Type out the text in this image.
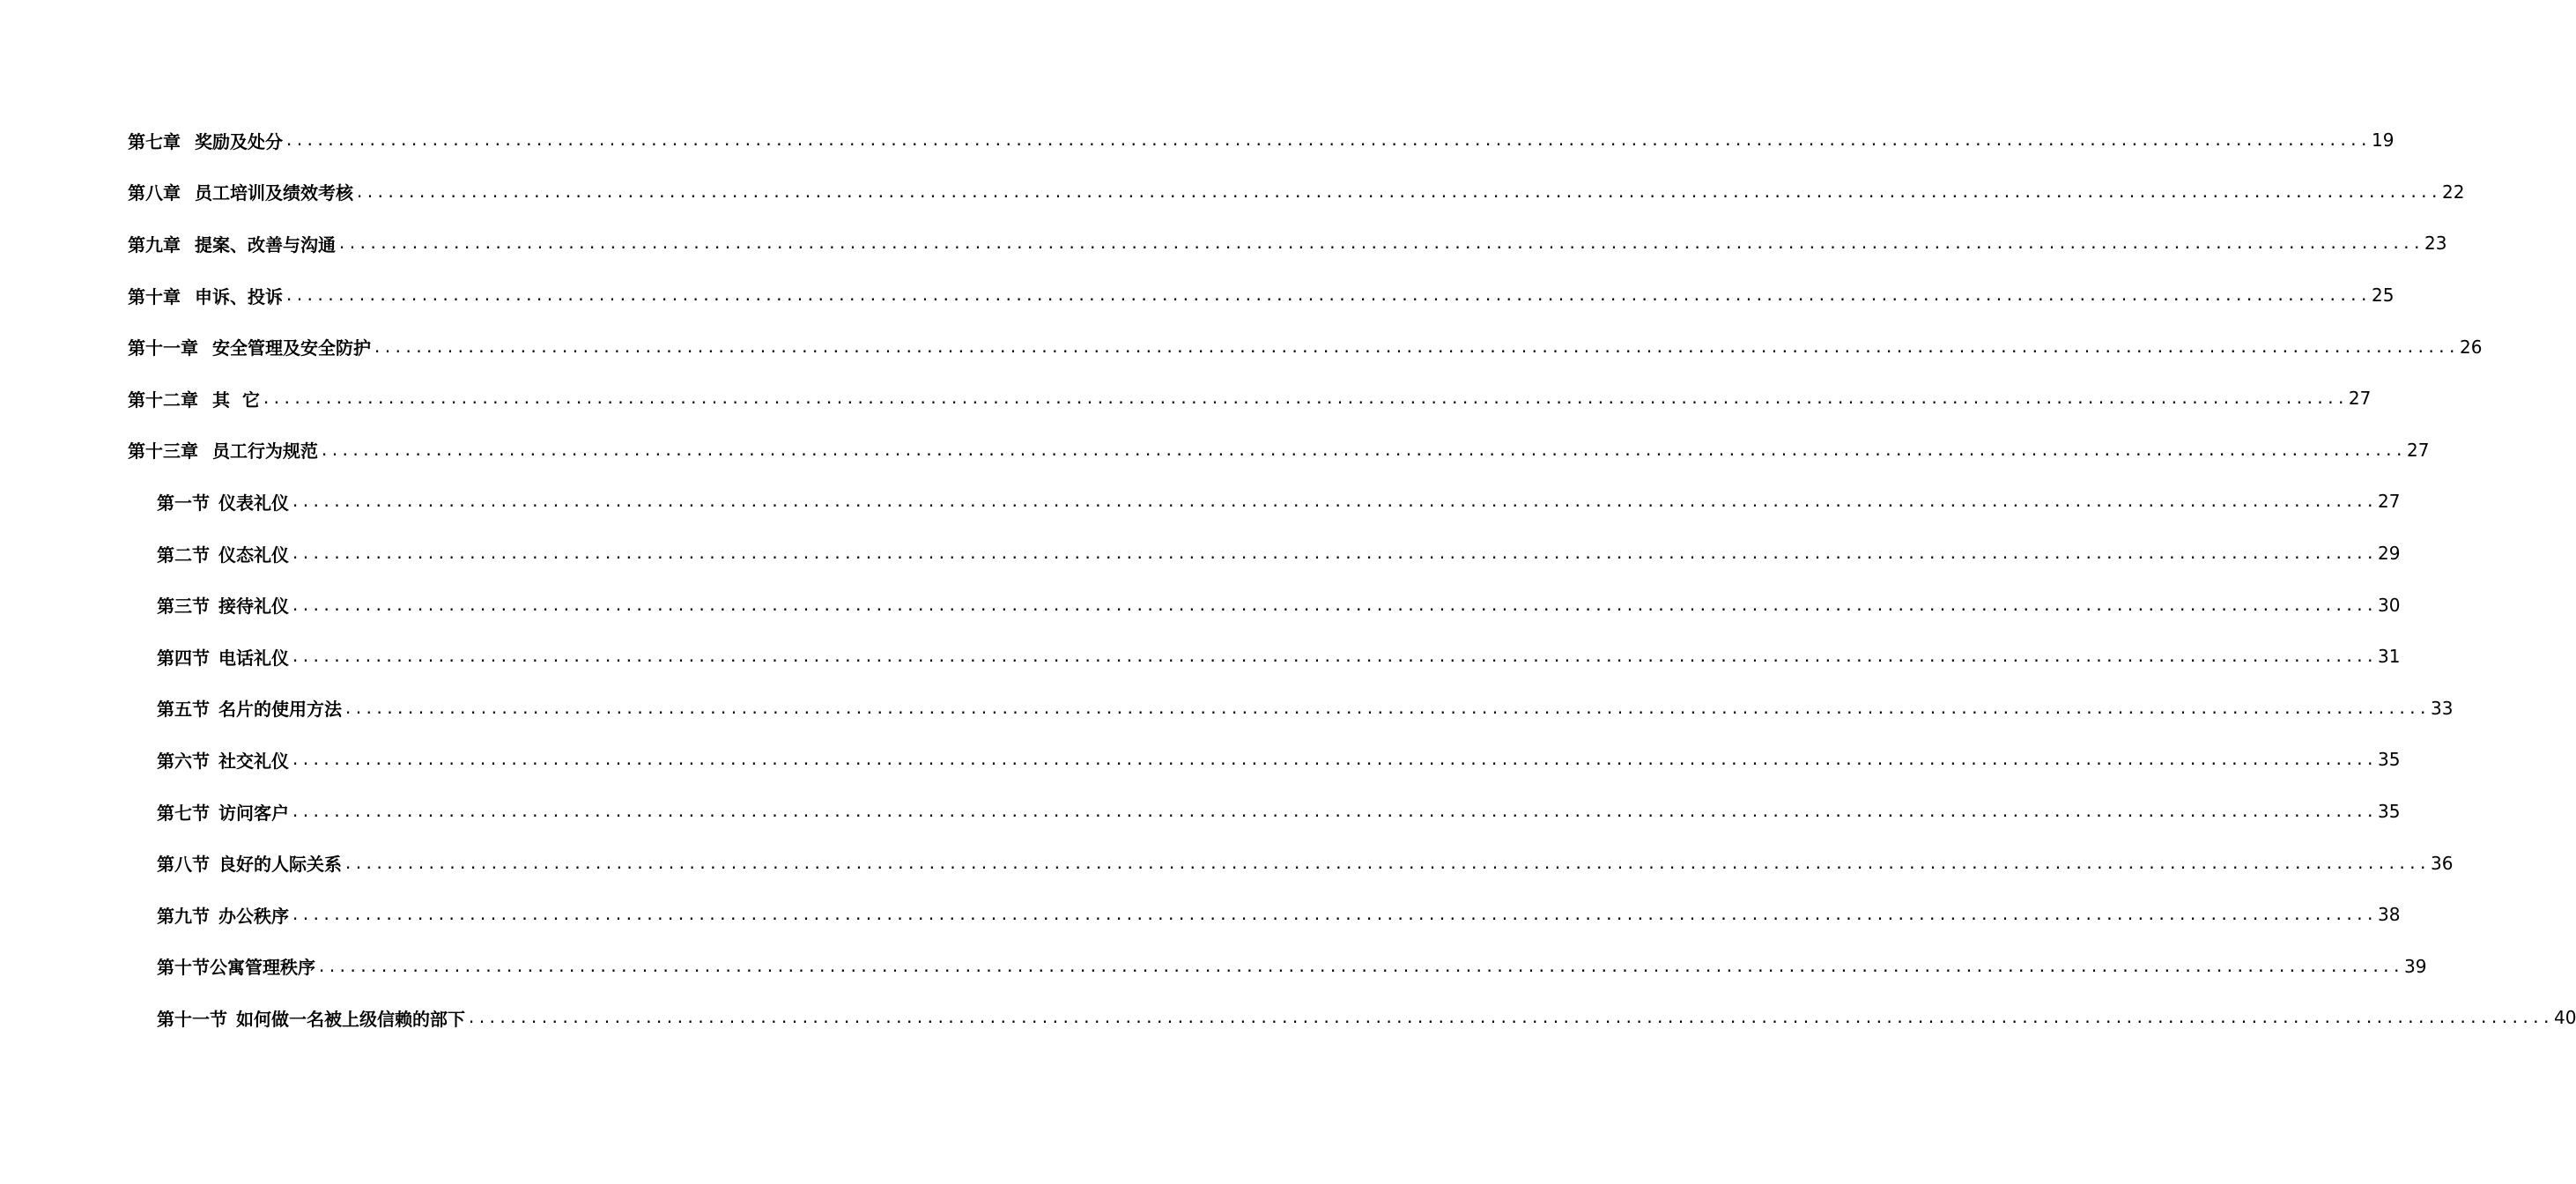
第七章 奖励及处分 ........................................................................................................................................................................................................ 19
第八章 员工培训及绩效考核 ........................................................................................................................................................................................................ 22
第九章 提案、改善与沟通 ........................................................................................................................................................................................................ 23
第十章 申诉、投诉 ........................................................................................................................................................................................................ 25
第十一章 安全管理及安全防护 ........................................................................................................................................................................................................ 26
第十二章 其  它 ........................................................................................................................................................................................................ 27
第十三章 员工行为规范 ........................................................................................................................................................................................................ 27
第一节 仪表礼仪 ........................................................................................................................................................................................................ 27
第二节 仪态礼仪 ........................................................................................................................................................................................................ 29
第三节 接待礼仪 ........................................................................................................................................................................................................ 30
第四节 电话礼仪 ........................................................................................................................................................................................................ 31
第五节 名片的使用方法 ........................................................................................................................................................................................................ 33
第六节 社交礼仪 ........................................................................................................................................................................................................ 35
第七节 访问客户 ........................................................................................................................................................................................................ 35
第八节 良好的人际关系 ........................................................................................................................................................................................................ 36
第九节 办公秩序 ........................................................................................................................................................................................................ 38
第十节公寓管理秩序 ........................................................................................................................................................................................................ 39
第十一节 如何做一名被上级信赖的部下 ........................................................................................................................................................................................................ 40
